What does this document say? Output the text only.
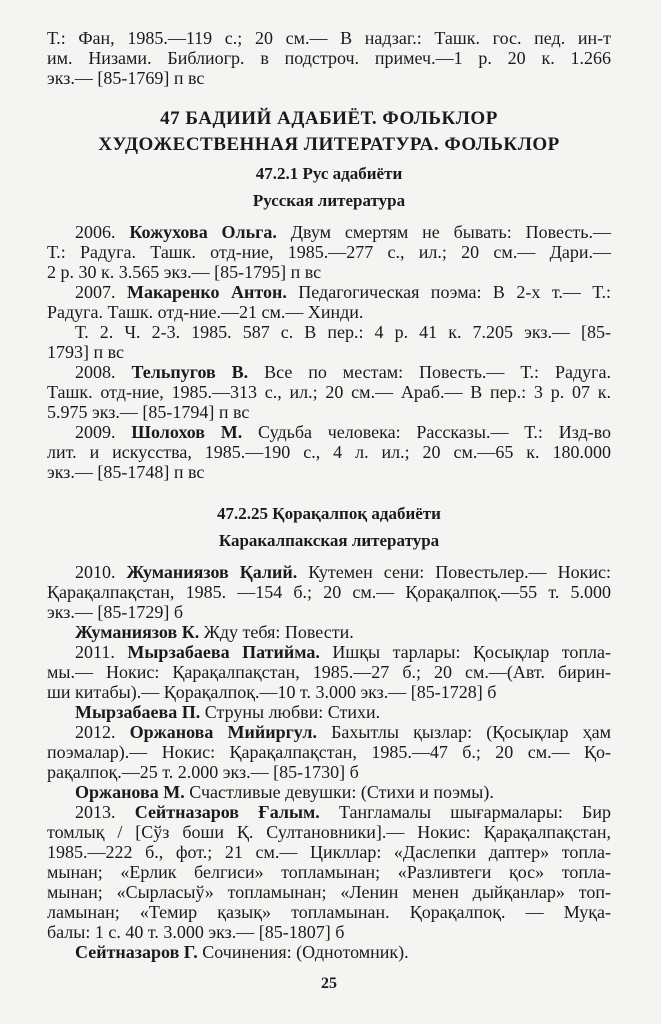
Т.: Фан, 1985.—119 с.; 20 см.— В надзаг.: Ташк. гос. пед. ин-т
им. Низами. Библиогр. в подстроч. примеч.—1 р. 20 к. 1.266
экз.— [85-1769] п вс
47 БАДИИЙ АДАБИЁТ. ФОЛЬКЛОР
ХУДОЖЕСТВЕННАЯ ЛИТЕРАТУРА. ФОЛЬКЛОР
47.2.1 Рус адабиёти
Русская литература
2006. Кожухова Ольга. Двум смертям не бывать: Повесть.—
Т.: Радуга. Ташк. отд-ние, 1985.—277 с., ил.; 20 см.— Дари.—
2 р. 30 к. 3.565 экз.— [85-1795] п вс
2007. Макаренко Антон. Педагогическая поэма: В 2-х т.— Т.:
Радуга. Ташк. отд-ние.—21 см.— Хинди.
Т. 2. Ч. 2-3. 1985. 587 с. В пер.: 4 р. 41 к. 7.205 экз.— [85-
1793] п вс
2008. Тельпугов В. Все по местам: Повесть.— Т.: Радуга.
Ташк. отд-ние, 1985.—313 с., ил.; 20 см.— Араб.— В пер.: 3 р. 07 к.
5.975 экз.— [85-1794] п вс
2009. Шолохов М. Судьба человека: Рассказы.— Т.: Изд-во
лит. и искусства, 1985.—190 с., 4 л. ил.; 20 см.—65 к. 180.000
экз.— [85-1748] п вс
47.2.25 Қорақалпоқ адабиёти
Каракалпакская литература
2010. Жуманиязов Қалий. Кутемен сени: Повестьлер.— Нокис:
Қарақалпақстан, 1985. —154 б.; 20 см.— Қорақалпоқ.—55 т. 5.000
экз.— [85-1729] б
Жуманиязов К. Жду тебя: Повести.
2011. Мырзабаева Патийма. Ишқы тарлары: Қосықлар топла-
мы.— Нокис: Қарақалпақстан, 1985.—27 б.; 20 см.—(Авт. бирин-
ши китабы).— Қорақалпоқ.—10 т. 3.000 экз.— [85-1728] б
Мырзабаева П. Струны любви: Стихи.
2012. Оржанова Мийиргул. Бахытлы қызлар: (Қосықлар ҳам
поэмалар).— Нокис: Қарақалпақстан, 1985.—47 б.; 20 см.— Қо-
рақалпоқ.—25 т. 2.000 экз.— [85-1730] б
Оржанова М. Счастливые девушки: (Стихи и поэмы).
2013. Сейтназаров Ғалым. Тангламалы шығармалары: Бир
томлық / [Сўз боши Қ. Султановники].— Нокис: Қарақалпақстан,
1985.—222 б., фот.; 21 см.— Цикллар: «Даслепки даптер» топла-
мынан; «Ерлик белгиси» топламынан; «Разливтеги қос» топла-
мынан; «Сырласыў» топламынан; «Ленин менен дыйқанлар» топ-
ламынан; «Темир қазық» топламынан. Қорақалпоқ. — Муқа-
балы: 1 с. 40 т. 3.000 экз.— [85-1807] б
Сейтназаров Г. Сочинения: (Однотомник).
25
